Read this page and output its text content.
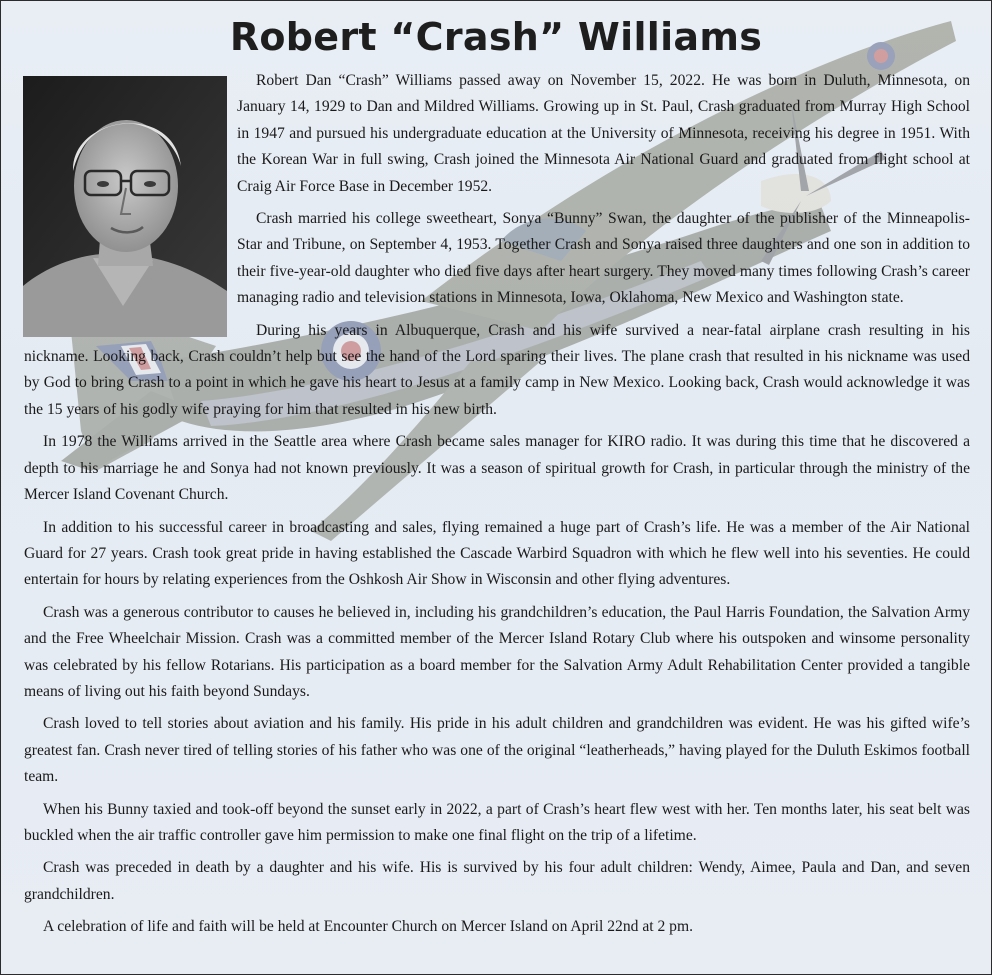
Robert “Crash” Williams

Robert Dan “Crash” Williams passed away on November 15, 2022. He was born in Duluth, Minnesota, on January 14, 1929 to Dan and Mildred Williams. Growing up in St. Paul, Crash graduated from Murray High School in 1947 and pursued his undergraduate education at the University of Minnesota, receiving his degree in 1951. With the Korean War in full swing, Crash joined the Minnesota Air National Guard and graduated from flight school at Craig Air Force Base in December 1952.

Crash married his college sweetheart, Sonya “Bunny” Swan, the daughter of the publisher of the Minneapolis-Star and Tribune, on September 4, 1953. Together Crash and Sonya raised three daughters and one son in addition to their five-year-old daughter who died five days after heart surgery. They moved many times following Crash’s career managing radio and television stations in Minnesota, Iowa, Oklahoma, New Mexico and Washington state.

During his years in Albuquerque, Crash and his wife survived a near-fatal airplane crash resulting in his nickname. Looking back, Crash couldn’t help but see the hand of the Lord sparing their lives. The plane crash that resulted in his nickname was used by God to bring Crash to a point in which he gave his heart to Jesus at a family camp in New Mexico. Looking back, Crash would acknowledge it was the 15 years of his godly wife praying for him that resulted in his new birth.

In 1978 the Williams arrived in the Seattle area where Crash became sales manager for KIRO radio. It was during this time that he discovered a depth to his marriage he and Sonya had not known previously. It was a season of spiritual growth for Crash, in particular through the ministry of the Mercer Island Covenant Church.

In addition to his successful career in broadcasting and sales, flying remained a huge part of Crash’s life. He was a member of the Air National Guard for 27 years. Crash took great pride in having established the Cascade Warbird Squadron with which he flew well into his seventies. He could entertain for hours by relating experiences from the Oshkosh Air Show in Wisconsin and other flying adventures.

Crash was a generous contributor to causes he believed in, including his grandchildren’s education, the Paul Harris Foundation, the Salvation Army and the Free Wheelchair Mission. Crash was a committed member of the Mercer Island Rotary Club where his outspoken and winsome personality was celebrated by his fellow Rotarians. His participation as a board member for the Salvation Army Adult Rehabilitation Center provided a tangible means of living out his faith beyond Sundays.

Crash loved to tell stories about aviation and his family. His pride in his adult children and grandchildren was evident. He was his gifted wife’s greatest fan. Crash never tired of telling stories of his father who was one of the original “leatherheads,” having played for the Duluth Eskimos football team.

When his Bunny taxied and took-off beyond the sunset early in 2022, a part of Crash’s heart flew west with her. Ten months later, his seat belt was buckled when the air traffic controller gave him permission to make one final flight on the trip of a lifetime.

Crash was preceded in death by a daughter and his wife. His is survived by his four adult children: Wendy, Aimee, Paula and Dan, and seven grandchildren.

A celebration of life and faith will be held at Encounter Church on Mercer Island on April 22nd at 2 pm.
